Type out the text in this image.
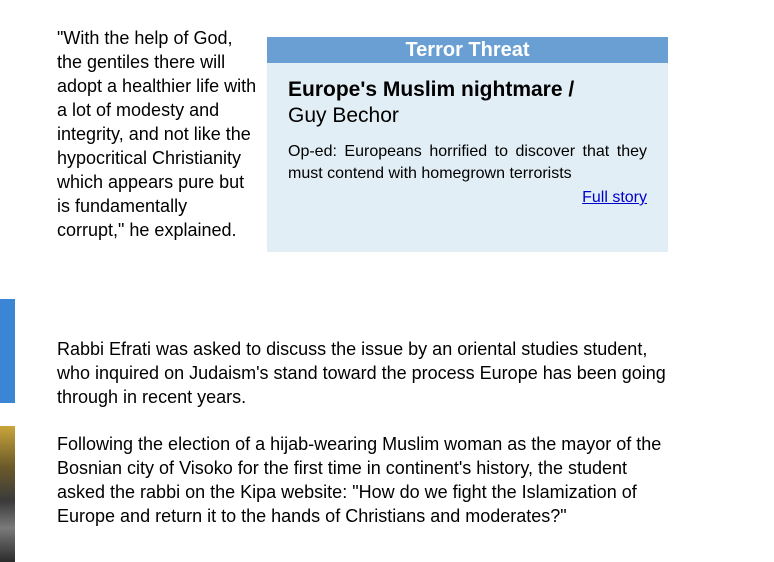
"With the help of God, the gentiles there will adopt a healthier life with a lot of modesty and integrity, and not like the hypocritical Christianity which appears pure but is fundamentally corrupt," he explained.

Terror Threat
Europe's Muslim nightmare /
Guy Bechor
Op-ed: Europeans horrified to discover that they must contend with homegrown terrorists
Full story

Rabbi Efrati was asked to discuss the issue by an oriental studies student, who inquired on Judaism's stand toward the process Europe has been going through in recent years.

Following the election of a hijab-wearing Muslim woman as the mayor of the Bosnian city of Visoko for the first time in continent's history, the student asked the rabbi on the Kipa website: "How do we fight the Islamization of Europe and return it to the hands of Christians and moderates?"
